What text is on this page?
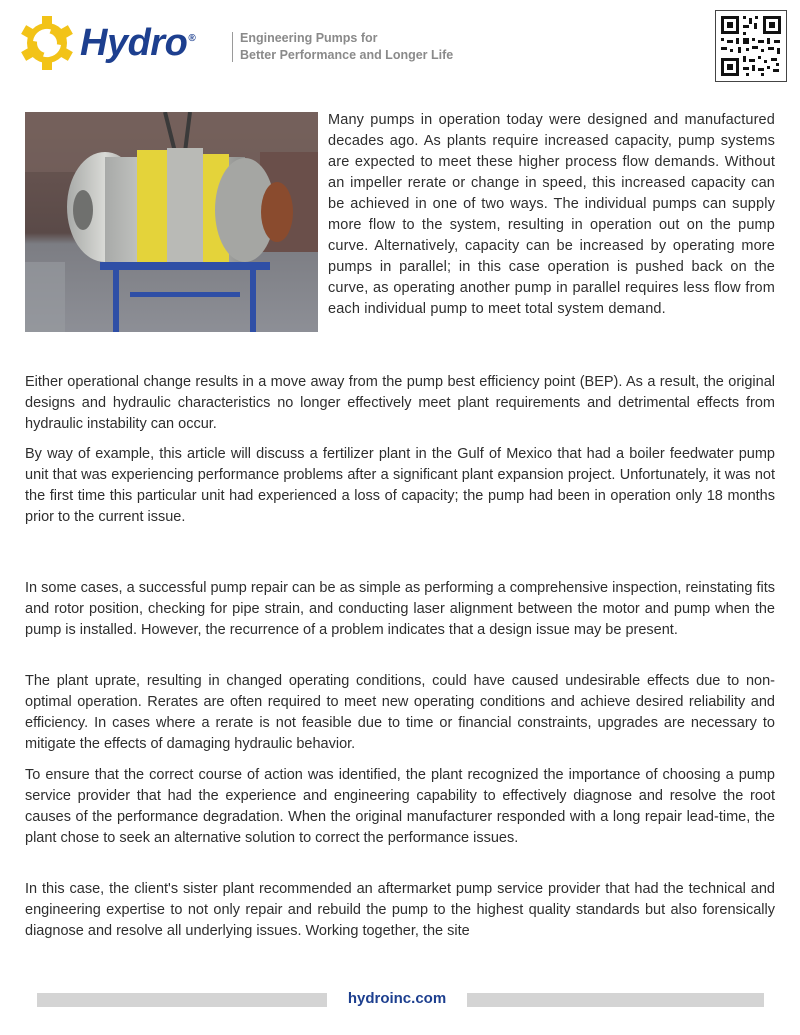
Hydro®	Engineering Pumps for
Better Performance and Longer Life

Many pumps in operation today were designed and manufactured decades ago. As plants require increased capacity, pump systems are expected to meet these higher process flow demands. Without an impeller rerate or change in speed, this increased capacity can be achieved in one of two ways. The individual pumps can supply more flow to the system, resulting in operation out on the pump curve. Alternatively, capacity can be increased by operating more pumps in parallel; in this case operation is pushed back on the curve, as operating another pump in parallel requires less flow from each individual pump to meet total system demand.

Either operational change results in a move away from the pump best efficiency point (BEP). As a result, the original designs and hydraulic characteristics no longer effectively meet plant requirements and detrimental effects from hydraulic instability can occur.

By way of example, this article will discuss a fertilizer plant in the Gulf of Mexico that had a boiler feedwater pump unit that was experiencing performance problems after a significant plant expansion project. Unfortunately, it was not the first time this particular unit had experienced a loss of capacity; the pump had been in operation only 18 months prior to the current issue.

In some cases, a successful pump repair can be as simple as performing a comprehensive inspection, reinstating fits and rotor position, checking for pipe strain, and conducting laser alignment between the motor and pump when the pump is installed. However, the recurrence of a problem indicates that a design issue may be present.

The plant uprate, resulting in changed operating conditions, could have caused undesirable effects due to non-optimal operation. Rerates are often required to meet new operating conditions and achieve desired reliability and efficiency. In cases where a rerate is not feasible due to time or financial constraints, upgrades are necessary to mitigate the effects of damaging hydraulic behavior.

To ensure that the correct course of action was identified, the plant recognized the importance of choosing a pump service provider that had the experience and engineering capability to effectively diagnose and resolve the root causes of the performance degradation. When the original manufacturer responded with a long repair lead-time, the plant chose to seek an alternative solution to correct the performance issues.

In this case, the client's sister plant recommended an aftermarket pump service provider that had the technical and engineering expertise to not only repair and rebuild the pump to the highest quality standards but also forensically diagnose and resolve all underlying issues. Working together, the site

hydroinc.com
